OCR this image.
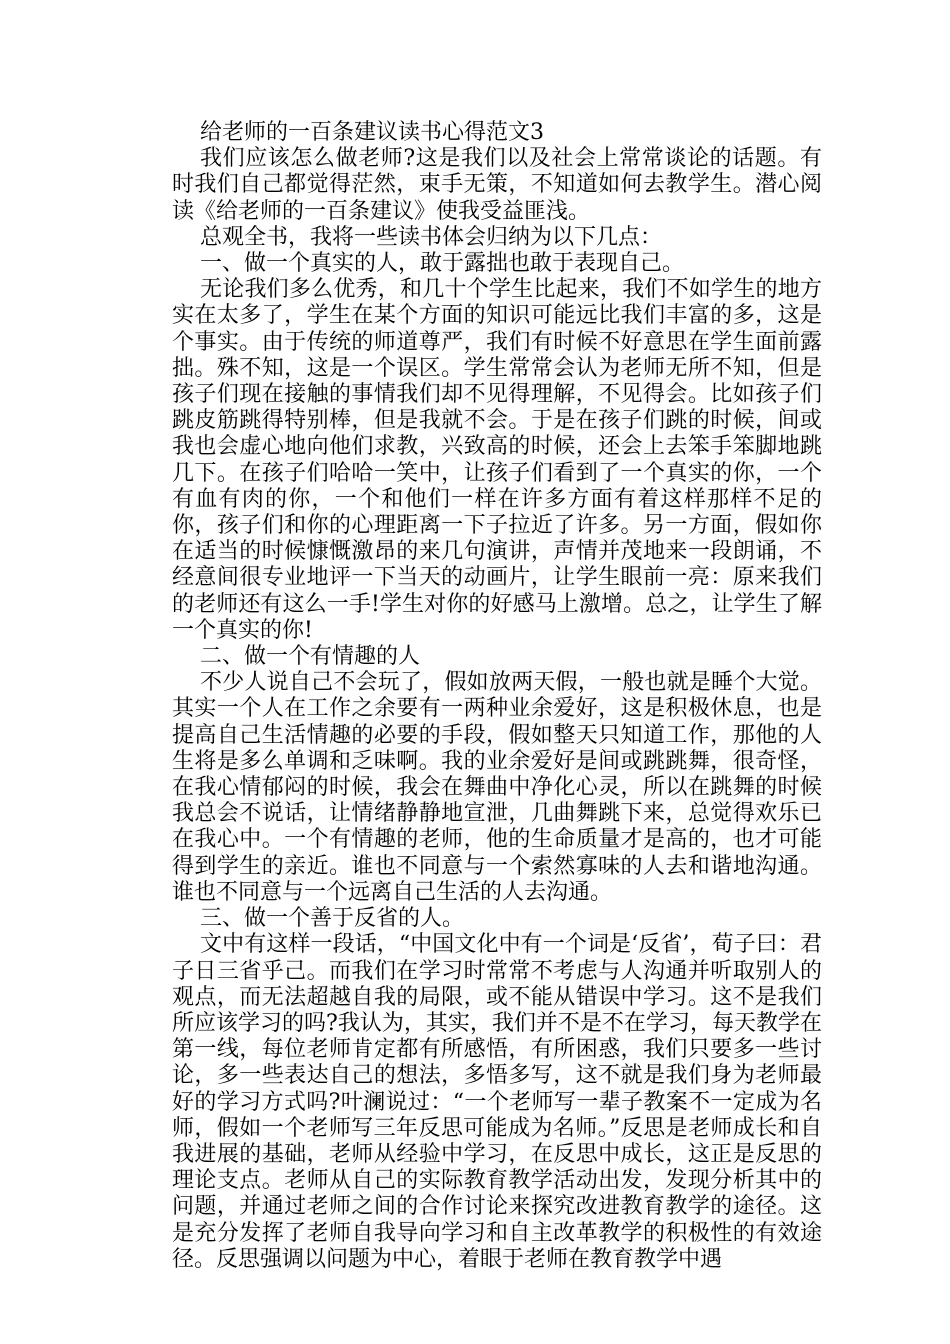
给老师的一百条建议读书心得范文3

我们应该怎么做老师?这是我们以及社会上常常谈论的话题。有时我们自己都觉得茫然，束手无策，不知道如何去教学生。潜心阅读《给老师的一百条建议》使我受益匪浅。

总观全书，我将一些读书体会归纳为以下几点：

一、做一个真实的人，敢于露拙也敢于表现自己。

无论我们多么优秀，和几十个学生比起来，我们不如学生的地方实在太多了，学生在某个方面的知识可能远比我们丰富的多，这是个事实。由于传统的师道尊严，我们有时候不好意思在学生面前露拙。殊不知，这是一个误区。学生常常会认为老师无所不知，但是孩子们现在接触的事情我们却不见得理解，不见得会。比如孩子们跳皮筋跳得特别棒，但是我就不会。于是在孩子们跳的时候，间或我也会虚心地向他们求教，兴致高的时候，还会上去笨手笨脚地跳几下。在孩子们哈哈一笑中，让孩子们看到了一个真实的你，一个有血有肉的你，一个和他们一样在许多方面有着这样那样不足的你，孩子们和你的心理距离一下子拉近了许多。另一方面，假如你在适当的时候慷慨激昂的来几句演讲，声情并茂地来一段朗诵，不经意间很专业地评一下当天的动画片，让学生眼前一亮：原来我们的老师还有这么一手!学生对你的好感马上激增。总之，让学生了解一个真实的你!

二、做一个有情趣的人

不少人说自己不会玩了，假如放两天假，一般也就是睡个大觉。其实一个人在工作之余要有一两种业余爱好，这是积极休息，也是提高自己生活情趣的必要的手段，假如整天只知道工作，那他的人生将是多么单调和乏味啊。我的业余爱好是间或跳跳舞，很奇怪，在我心情郁闷的时候，我会在舞曲中净化心灵，所以在跳舞的时候我总会不说话，让情绪静静地宣泄，几曲舞跳下来，总觉得欢乐已在我心中。一个有情趣的老师，他的生命质量才是高的，也才可能得到学生的亲近。谁也不同意与一个索然寡味的人去和谐地沟通。谁也不同意与一个远离自己生活的人去沟通。

三、做一个善于反省的人。

文中有这样一段话，“中国文化中有一个词是‘反省’，荀子曰：君子日三省乎己。而我们在学习时常常不考虑与人沟通并听取别人的观点，而无法超越自我的局限，或不能从错误中学习。这不是我们所应该学习的吗?我认为，其实，我们并不是不在学习，每天教学在第一线，每位老师肯定都有所感悟，有所困惑，我们只要多一些讨论，多一些表达自己的想法，多悟多写，这不就是我们身为老师最好的学习方式吗?叶澜说过：“一个老师写一辈子教案不一定成为名师，假如一个老师写三年反思可能成为名师。”反思是老师成长和自我进展的基础，老师从经验中学习，在反思中成长，这正是反思的理论支点。老师从自己的实际教育教学活动出发，发现分析其中的问题，并通过老师之间的合作讨论来探究改进教育教学的途径。这是充分发挥了老师自我导向学习和自主改革教学的积极性的有效途径。反思强调以问题为中心，着眼于老师在教育教学中遇
